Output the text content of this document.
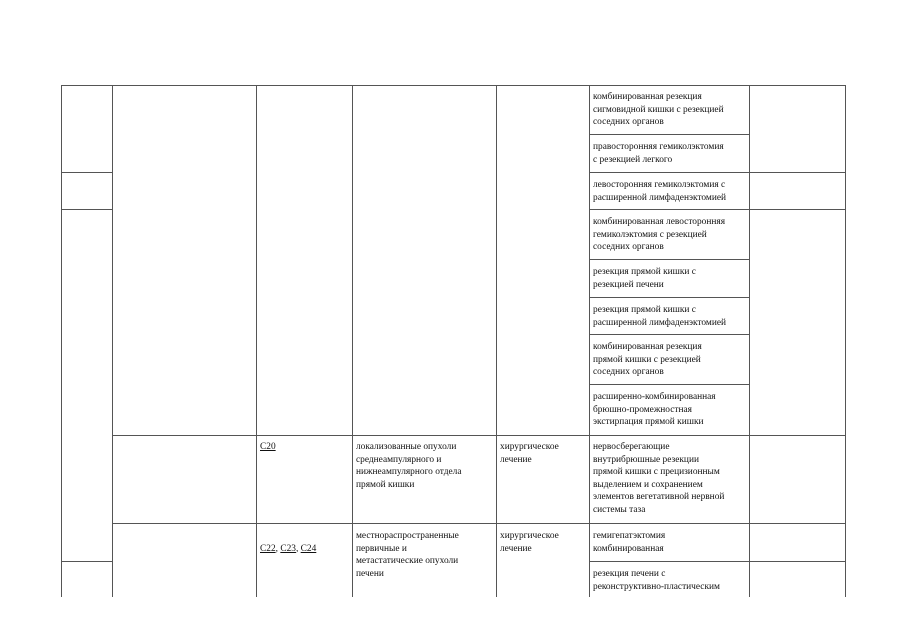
комбинированная резекция
сигмовидной кишки с резекцией
соседних органов
правосторонняя гемиколэктомия
с резекцией легкого
левосторонняя гемиколэктомия с
расширенной лимфаденэктомией
комбинированная левосторонняя
гемиколэктомия с резекцией
соседних органов
резекция прямой кишки с
резекцией печени
резекция прямой кишки с
расширенной лимфаденэктомией
комбинированная резекция
прямой кишки с резекцией
соседних органов
расширенно-комбинированная
брюшно-промежностная
экстирпация прямой кишки
C20	локализованные опухоли
среднеампулярного и
нижнеампулярного отдела
прямой кишки
хирургическое
лечение
нервосберегающие
внутрибрюшные резекции
прямой кишки с прецизионным
выделением и сохранением
элементов вегетативной нервной
системы таза

C22, C23, C24

местнораспространенные
первичные и
метастатические опухоли
печени
хирургическое
лечение
гемигепатэктомия
комбинированная
резекция печени с
реконструктивно-пластическим
